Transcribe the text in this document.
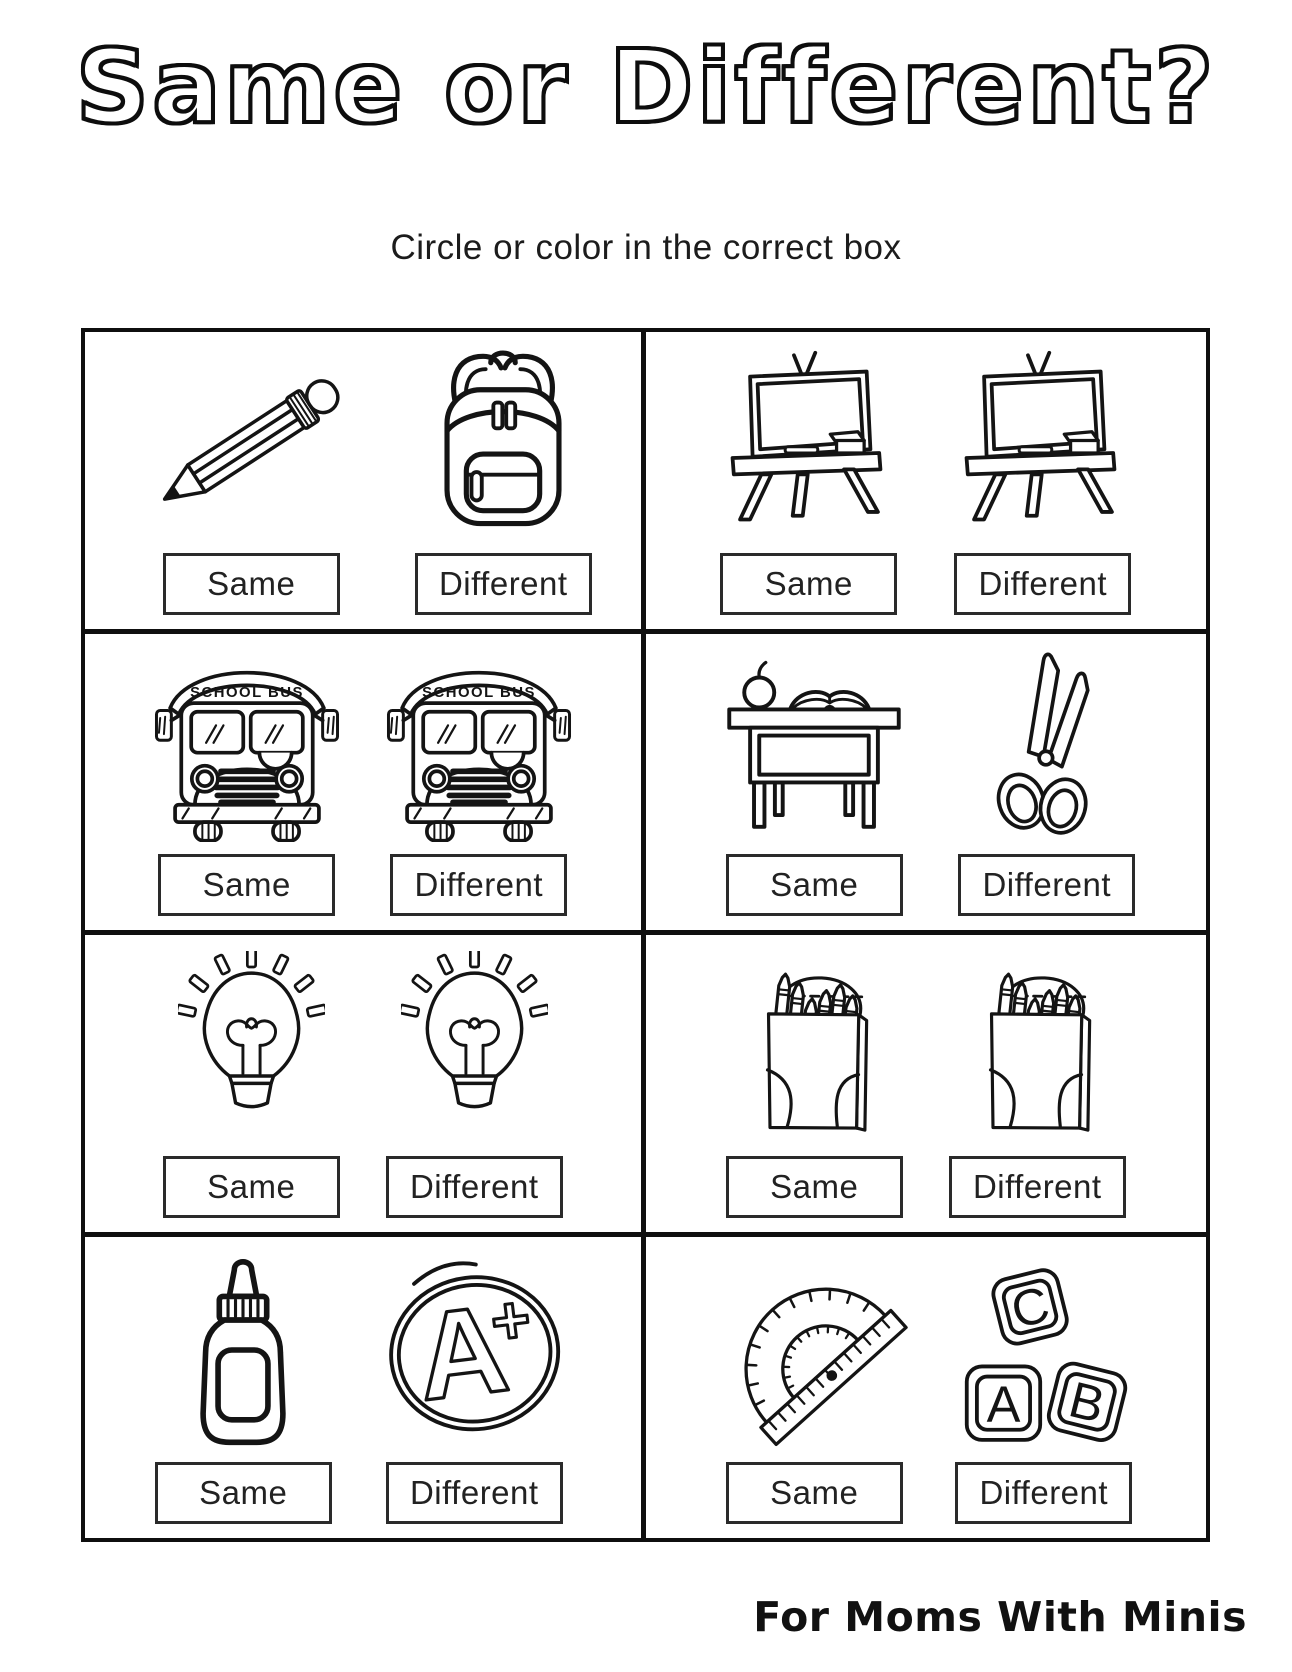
Same or Different?
Circle or color in the correct box
Same	Different	Same	Different
Same	Different	Same	Different
Same	Different	Same	Different
Same	Different	Same	Different
For Moms With Minis
